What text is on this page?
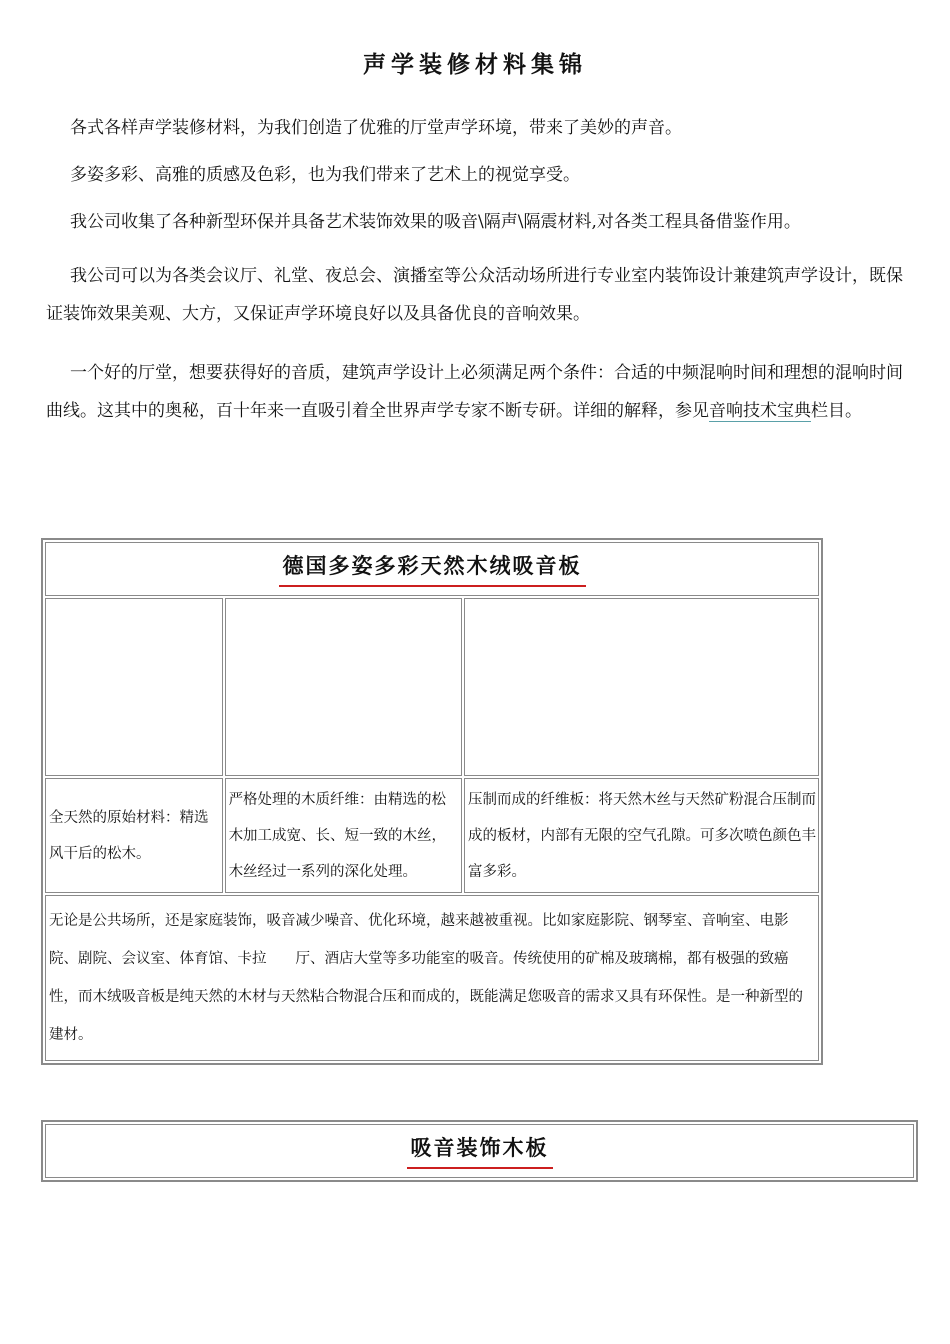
声学装修材料集锦
各式各样声学装修材料，为我们创造了优雅的厅堂声学环境，带来了美妙的声音。
多姿多彩、高雅的质感及色彩，也为我们带来了艺术上的视觉享受。
我公司收集了各种新型环保并具备艺术装饰效果的吸音\隔声\隔震材料,对各类工程具备借鉴作用。
我公司可以为各类会议厅、礼堂、夜总会、演播室等公众活动场所进行专业室内装饰设计兼建筑声学设计，既保证装饰效果美观、大方，又保证声学环境良好以及具备优良的音响效果。
一个好的厅堂，想要获得好的音质，建筑声学设计上必须满足两个条件：合适的中频混响时间和理想的混响时间曲线。这其中的奥秘，百十年来一直吸引着全世界声学专家不断专研。详细的解释，参见音响技术宝典栏目。
德国多姿多彩天然木绒吸音板		

全天然的原始材料：精选风干后的松木。	严格处理的木质纤维：由精选的松木加工成宽、长、短一致的木丝，木丝经过一系列的深化处理。	压制而成的纤维板：将天然木丝与天然矿粉混合压制而成的板材，内部有无限的空气孔隙。可多次喷色颜色丰富多彩。
无论是公共场所，还是家庭装饰，吸音减少噪音、优化环境，越来越被重视。比如家庭影院、钢琴室、音响室、电影院、剧院、会议室、体育馆、卡拉　　厅、酒店大堂等多功能室的吸音。传统使用的矿棉及玻璃棉，都有极强的致癌性，而木绒吸音板是纯天然的木材与天然粘合物混合压和而成的，既能满足您吸音的需求又具有环保性。是一种新型的建材。		
吸音装饰木板
